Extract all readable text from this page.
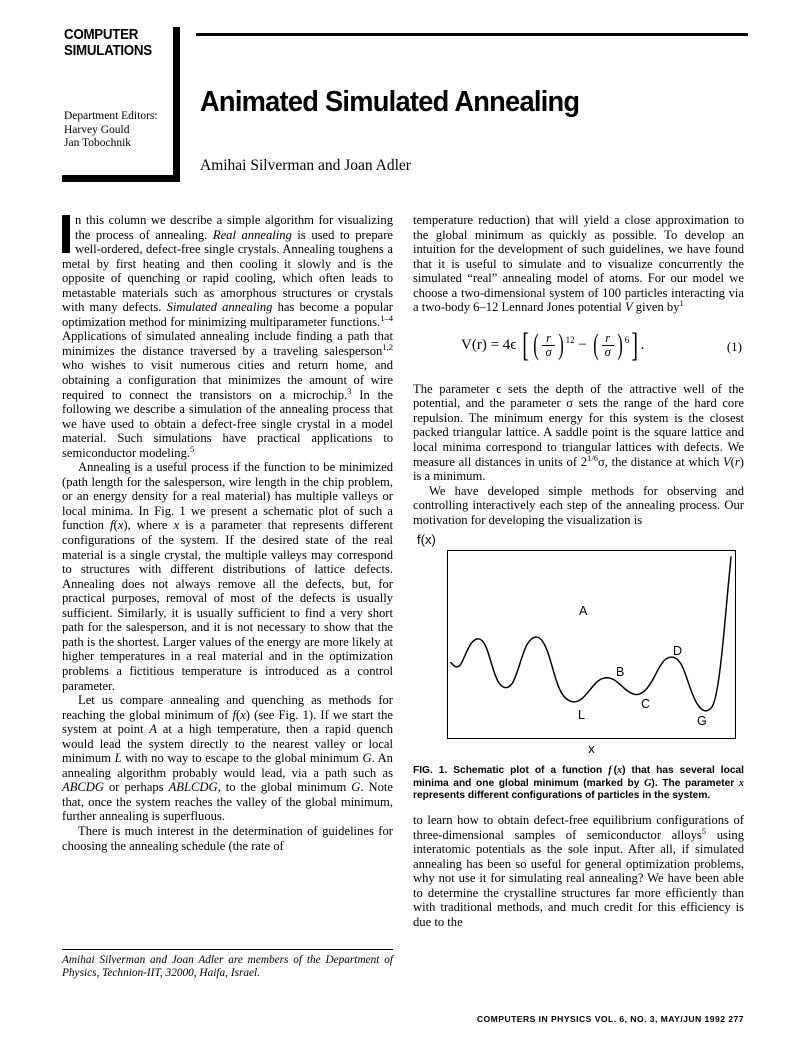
COMPUTER
SIMULATIONS
Department Editors:
Harvey Gould
Jan Tobochnik
Animated Simulated Annealing
Amihai Silverman and Joan Adler

n this column we describe a simple algorithm for visualizing the process of annealing. Real annealing is used to prepare well-ordered, defect-free single crystals. Annealing toughens a metal by first heating and then cooling it slowly and is the opposite of quenching or rapid cooling, which often leads to metastable materials such as amorphous structures or crystals with many defects. Simulated annealing has become a popular optimization method for minimizing multiparameter functions.$^{1-4}$ Applications of simulated annealing include finding a path that minimizes the distance traversed by a traveling salesperson$^{1,2}$ who wishes to visit numerous cities and return home, and obtaining a configuration that minimizes the amount of wire required to connect the transistors on a microchip.$^3$ In the following we describe a simulation of the annealing process that we have used to obtain a defect-free single crystal in a model material. Such simulations have practical applications to semiconductor modeling.$^5$

Annealing is a useful process if the function to be minimized (path length for the salesperson, wire length in the chip problem, or an energy density for a real material) has multiple valleys or local minima. In Fig. 1 we present a schematic plot of such a function f(x), where x is a parameter that represents different configurations of the system. If the desired state of the real material is a single crystal, the multiple valleys may correspond to structures with different distributions of lattice defects. Annealing does not always remove all the defects, but, for practical purposes, removal of most of the defects is usually sufficient. Similarly, it is usually sufficient to find a very short path for the salesperson, and it is not necessary to show that the path is the shortest. Larger values of the energy are more likely at higher temperatures in a real material and in the optimization problems a fictitious temperature is introduced as a control parameter.

Let us compare annealing and quenching as methods for reaching the global minimum of f(x) (see Fig. 1). If we start the system at point A at a high temperature, then a rapid quench would lead the system directly to the nearest valley or local minimum L with no way to escape to the global minimum G. An annealing algorithm probably would lead, via a path such as ABCDG or perhaps ABLCDG, to the global minimum G. Note that, once the system reaches the valley of the global minimum, further annealing is superfluous.

There is much interest in the determination of guidelines for choosing the annealing schedule (the rate of

temperature reduction) that will yield a close approximation to the global minimum as quickly as possible. To develop an intuition for the development of such guidelines, we have found that it is useful to simulate and to visualize concurrently the simulated “real” annealing model of atoms. For our model we choose a two-dimensional system of 100 particles interacting via a two-body 6–12 Lennard Jones potential V given $by^1$

V(r) = 4ϵ [ ( $\frac{r}{\sigma}$ ) $^{12}$ − ( $\frac{r}{\sigma}$ ) $^6$] .	(1)

The parameter ϵ sets the depth of the attractive well of the potential, and the parameter σ sets the range of the hard core repulsion. The minimum energy for this system is the closest packed triangular lattice. A saddle point is the square lattice and local minima correspond to triangular lattices with defects. We measure all distances in units of $2^{1/6}\sigma$, the distance at which V(r) is a minimum.

We have developed simple methods for observing and controlling interactively each step of the annealing process. Our motivation for developing the visualization is

f(x)
A
B
C
D
L	G
x
FIG. 1. Schematic plot of a function f (x) that has several local minima and one global minimum (marked by G). The parameter x represents different configurations of particles in the system.

to learn how to obtain defect-free equilibrium configurations of three-dimensional samples of semiconductor alloys$^5$ using interatomic potentials as the sole input. After all, if simulated annealing has been so useful for general optimization problems, why not use it for simulating real annealing? We have been able to determine the crystalline structures far more efficiently than with traditional methods, and much credit for this efficiency is due to the

Amihai Silverman and Joan Adler are members of the Department of Physics, Technion-IIT, 32000, Haifa, Israel.
COMPUTERS IN PHYSICS VOL. 6, NO. 3, MAY/JUN 1992 277
